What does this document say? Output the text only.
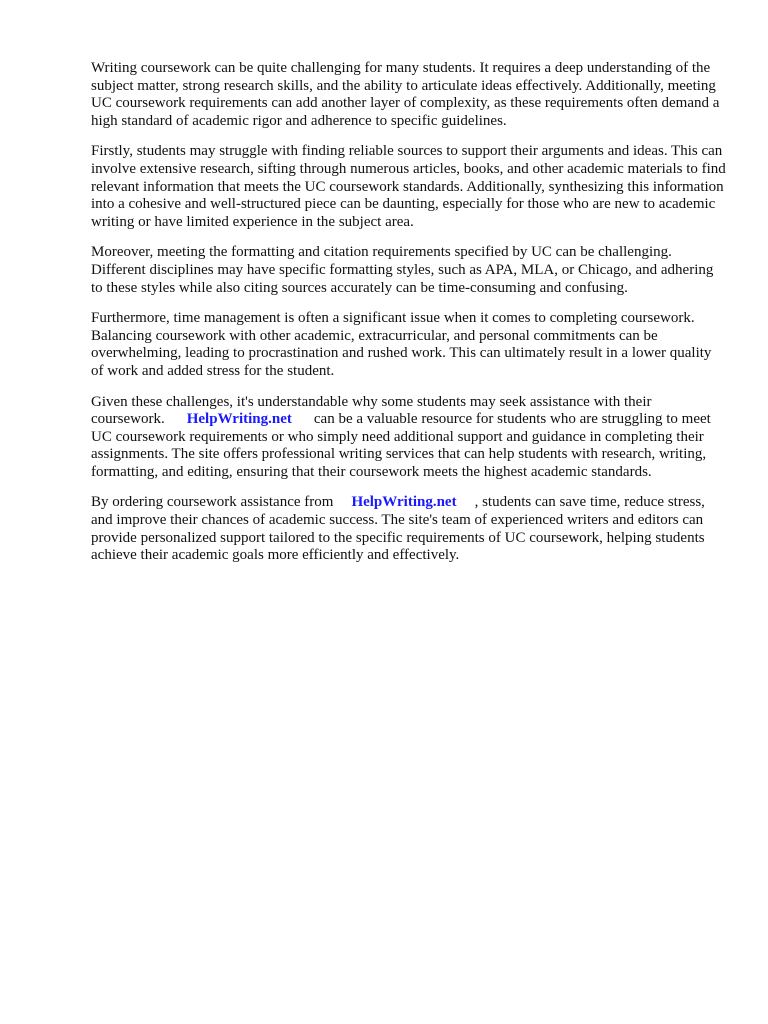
Writing coursework can be quite challenging for many students. It requires a deep understanding of the subject matter, strong research skills, and the ability to articulate ideas effectively. Additionally, meeting UC coursework requirements can add another layer of complexity, as these requirements often demand a high standard of academic rigor and adherence to specific guidelines.

Firstly, students may struggle with finding reliable sources to support their arguments and ideas. This can involve extensive research, sifting through numerous articles, books, and other academic materials to find relevant information that meets the UC coursework standards. Additionally, synthesizing this information into a cohesive and well-structured piece can be daunting, especially for those who are new to academic writing or have limited experience in the subject area.

Moreover, meeting the formatting and citation requirements specified by UC can be challenging. Different disciplines may have specific formatting styles, such as APA, MLA, or Chicago, and adhering to these styles while also citing sources accurately can be time-consuming and confusing.

Furthermore, time management is often a significant issue when it comes to completing coursework. Balancing coursework with other academic, extracurricular, and personal commitments can be overwhelming, leading to procrastination and rushed work. This can ultimately result in a lower quality of work and added stress for the student.

Given these challenges, it's understandable why some students may seek assistance with their coursework. HelpWriting.net can be a valuable resource for students who are struggling to meet UC coursework requirements or who simply need additional support and guidance in completing their assignments. The site offers professional writing services that can help students with research, writing, formatting, and editing, ensuring that their coursework meets the highest academic standards.

By ordering coursework assistance from HelpWriting.net , students can save time, reduce stress, and improve their chances of academic success. The site's team of experienced writers and editors can provide personalized support tailored to the specific requirements of UC coursework, helping students achieve their academic goals more efficiently and effectively.
